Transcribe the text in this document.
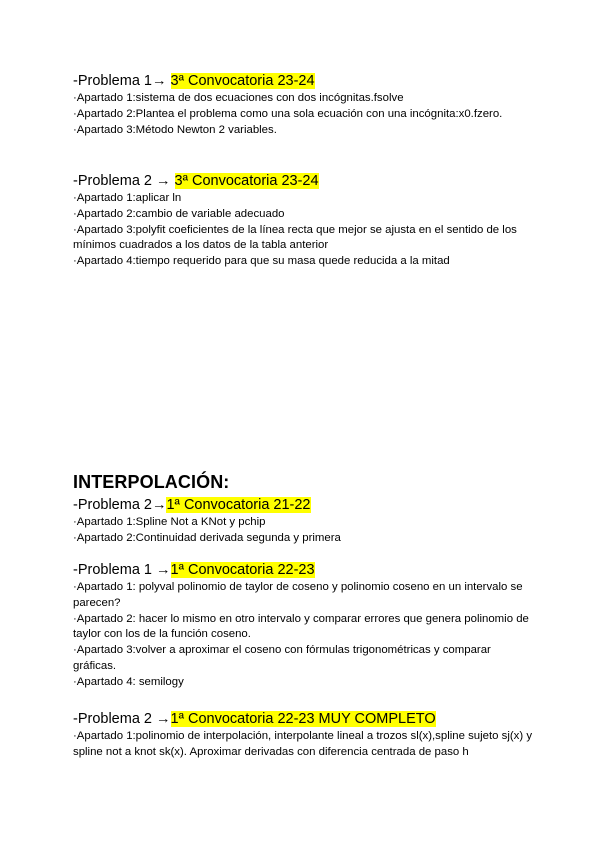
-Problema 1→ 3ª Convocatoria 23-24

·Apartado 1:sistema de dos ecuaciones con dos incógnitas.fsolve

·Apartado 2:Plantea el problema como una sola ecuación con una incógnita:x0.fzero.

·Apartado 3:Método Newton 2 variables.

-Problema 2 → 3ª Convocatoria 23-24

·Apartado 1:aplicar ln

·Apartado 2:cambio de variable adecuado

·Apartado 3:polyfit coeficientes de la línea recta que mejor se ajusta en el sentido de los mínimos cuadrados a los datos de la tabla anterior

·Apartado 4:tiempo requerido para que su masa quede reducida a la mitad

INTERPOLACIÓN:

-Problema 2→1ª Convocatoria 21-22

·Apartado 1:Spline Not a KNot y pchip

·Apartado 2:Continuidad derivada segunda y primera

-Problema 1 →1ª Convocatoria 22-23

·Apartado 1: polyval polinomio de taylor de coseno y polinomio coseno en un intervalo se parecen?

·Apartado 2: hacer lo mismo en otro intervalo y comparar errores que genera polinomio de taylor con los de la función coseno.

·Apartado 3:volver a aproximar el coseno con fórmulas trigonométricas y comparar gráficas.

·Apartado 4: semilogy

-Problema 2 →1ª Convocatoria 22-23 MUY COMPLETO

·Apartado 1:polinomio de interpolación, interpolante lineal a trozos sl(x),spline sujeto sj(x) y spline not a knot sk(x). Aproximar derivadas con diferencia centrada de paso h
